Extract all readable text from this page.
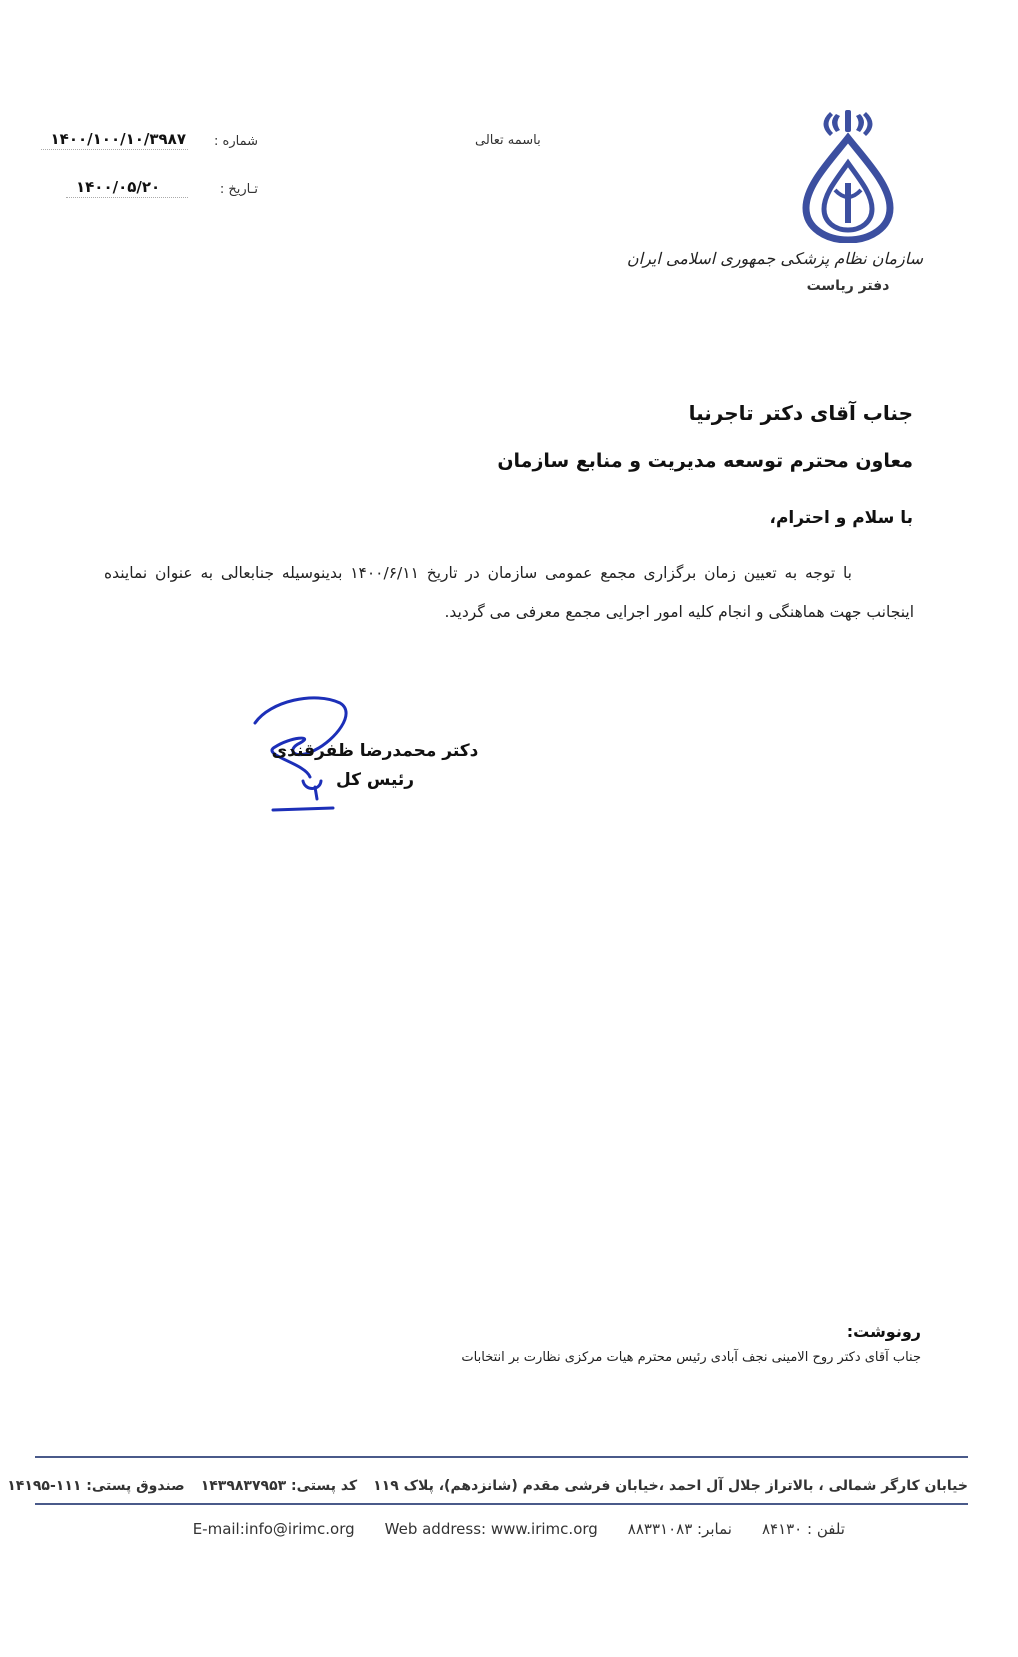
سازمان نظام پزشکی جمهوری اسلامی ایران
دفتر ریاست
باسمه تعالی
شماره :
۱۴۰۰/۱۰۰/۱۰/۳۹۸۷
تـاریخ :
۱۴۰۰/۰۵/۲۰
جناب آقای دکتر تاجرنیا
معاون محترم توسعه مدیریت و منابع سازمان
با سلام و احترام،
با توجه به تعیین زمان برگزاری مجمع عمومی سازمان در تاریخ ۱۴۰۰/۶/۱۱ بدینوسیله جنابعالی به عنوان نماینده اینجانب جهت هماهنگی و انجام کلیه امور اجرایی مجمع معرفی می گردید.
دکتر محمدرضا ظفرقندی
رئیس کل
رونوشت:
جناب آقای دکتر روح الامینی نجف آبادی رئیس محترم هیات مرکزی نظارت بر انتخابات
خیابان کارگر شمالی ، بالاتراز جلال آل احمد ،خیابان فرشی مقدم (شانزدهم)، پلاک ۱۱۹
کد پستی: ۱۴۳۹۸۳۷۹۵۳
صندوق پستی: ۱۱۱-۱۴۱۹۵
تلفن : ۸۴۱۳۰
نمابر: ۸۸۳۳۱۰۸۳
Web address: www.irimc.org
E-mail:info@irimc.org
